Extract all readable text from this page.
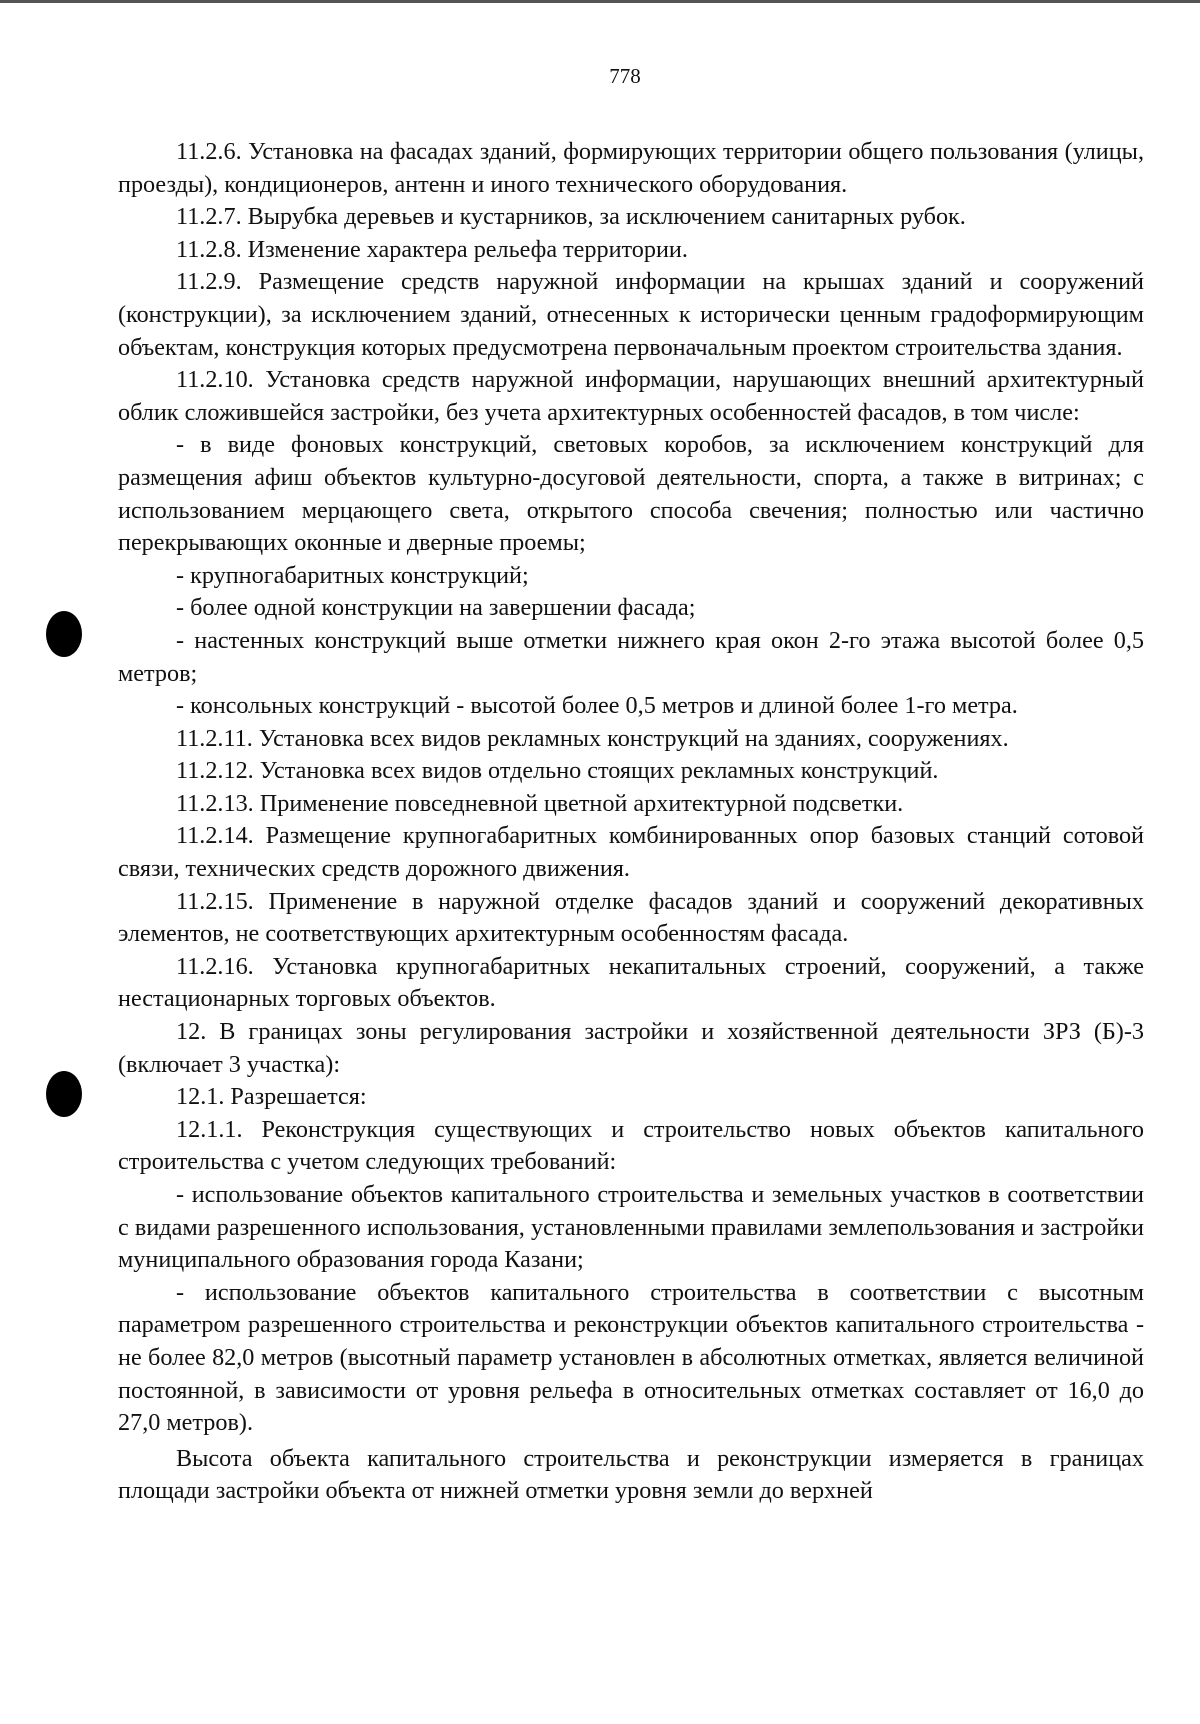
778

11.2.6. Установка на фасадах зданий, формирующих территории общего пользования (улицы, проезды), кондиционеров, антенн и иного технического оборудования.

11.2.7. Вырубка деревьев и кустарников, за исключением санитарных рубок.

11.2.8. Изменение характера рельефа территории.

11.2.9. Размещение средств наружной информации на крышах зданий и сооружений (конструкции), за исключением зданий, отнесенных к исторически ценным градоформирующим объектам, конструкция которых предусмотрена первоначальным проектом строительства здания.

11.2.10. Установка средств наружной информации, нарушающих внешний архитектурный облик сложившейся застройки, без учета архитектурных особенностей фасадов, в том числе:

- в виде фоновых конструкций, световых коробов, за исключением конструкций для размещения афиш объектов культурно-досуговой деятельности, спорта, а также в витринах; с использованием мерцающего света, открытого способа свечения; полностью или частично перекрывающих оконные и дверные проемы;

- крупногабаритных конструкций;

- более одной конструкции на завершении фасада;

- настенных конструкций выше отметки нижнего края окон 2-го этажа высотой более 0,5 метров;

- консольных конструкций - высотой более 0,5 метров и длиной более 1-го метра.

11.2.11. Установка всех видов рекламных конструкций на зданиях, сооружениях.

11.2.12. Установка всех видов отдельно стоящих рекламных конструкций.

11.2.13. Применение повседневной цветной архитектурной подсветки.

11.2.14. Размещение крупногабаритных комбинированных опор базовых станций сотовой связи, технических средств дорожного движения.

11.2.15. Применение в наружной отделке фасадов зданий и сооружений декоративных элементов, не соответствующих архитектурным особенностям фасада.

11.2.16. Установка крупногабаритных некапитальных строений, сооружений, а также нестационарных торговых объектов.

12. В границах зоны регулирования застройки и хозяйственной деятельности ЗРЗ (Б)-3 (включает 3 участка):

12.1. Разрешается:

12.1.1. Реконструкция существующих и строительство новых объектов капитального строительства с учетом следующих требований:

- использование объектов капитального строительства и земельных участков в соответствии с видами разрешенного использования, установленными правилами землепользования и застройки муниципального образования города Казани;

- использование объектов капитального строительства в соответствии с высотным параметром разрешенного строительства и реконструкции объектов капитального строительства - не более 82,0 метров (высотный параметр установлен в абсолютных отметках, является величиной постоянной, в зависимости от уровня рельефа в относительных отметках составляет от 16,0 до 27,0 метров).

Высота объекта капитального строительства и реконструкции измеряется в границах площади застройки объекта от нижней отметки уровня земли до верхней
